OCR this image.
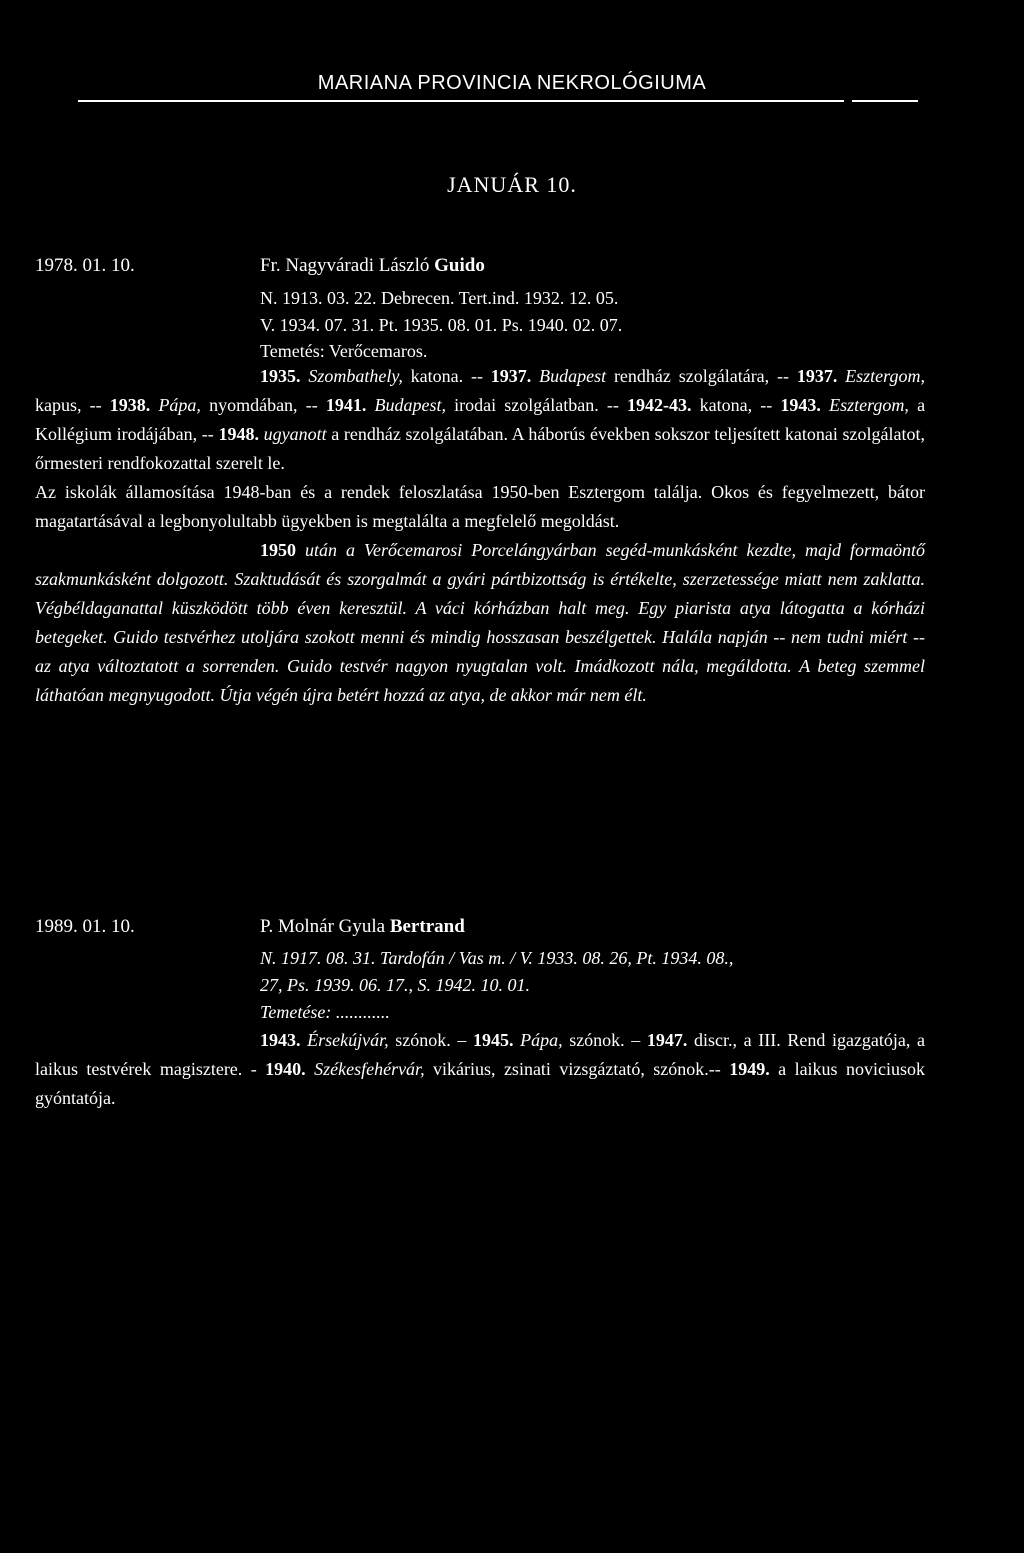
MARIANA PROVINCIA NEKROLÓGIUMA
JANUÁR 10.
1978. 01. 10.	Fr. Nagyváradi László Guido
N. 1913. 03. 22. Debrecen. Tert.ind. 1932. 12. 05.
V. 1934. 07. 31. Pt. 1935. 08. 01. Ps. 1940. 02. 07.
Temetés: Verőcemaros.

1935. Szombathely, katona. -- 1937. Budapest rendház szolgálatára, -- 1937. Esztergom, kapus, -- 1938. Pápa, nyomdában, -- 1941. Budapest, irodai szolgálatban. -- 1942-43. katona, -- 1943. Esztergom, a Kollégium irodájában, -- 1948. ugyanott a rendház szolgálatában. A háborús években sokszor teljesített katonai szolgálatot, őrmesteri rendfokozattal szerelt le.

Az iskolák államosítása 1948-ban és a rendek feloszlatása 1950-ben Esztergom találja. Okos és fegyelmezett, bátor magatartásával a legbonyolultabb ügyekben is megtalálta a megfelelő megoldást.

1950 után a Verőcemarosi Porcelángyárban segéd-munkásként kezdte, majd formaöntő szakmunkásként dolgozott. Szaktudását és szorgalmát a gyári pártbizottság is értékelte, szerzetessége miatt nem zaklatta. Végbéldaganattal küszködött több éven keresztül. A váci kórházban halt meg. Egy piarista atya látogatta a kórházi betegeket. Guido testvérhez utoljára szokott menni és mindig hosszasan beszélgettek. Halála napján -- nem tudni miért -- az atya változtatott a sorrenden. Guido testvér nagyon nyugtalan volt. Imádkozott nála, megáldotta. A beteg szemmel láthatóan megnyugodott. Útja végén újra betért hozzá az atya, de akkor már nem élt.

1989. 01. 10.	P. Molnár Gyula Bertrand
N. 1917. 08. 31. Tardofán / Vas m. / V. 1933. 08. 26, Pt. 1934. 08.,
27, Ps. 1939. 06. 17., S. 1942. 10. 01.
Temetése: ............

1943. Érsekújvár, szónok. – 1945. Pápa, szónok. – 1947. discr., a III. Rend igazgatója, a laikus testvérek magisztere. - 1940. Székesfehérvár, vikárius, zsinati vizsgáztató, szónok.-- 1949. a laikus noviciusok gyóntatója.
